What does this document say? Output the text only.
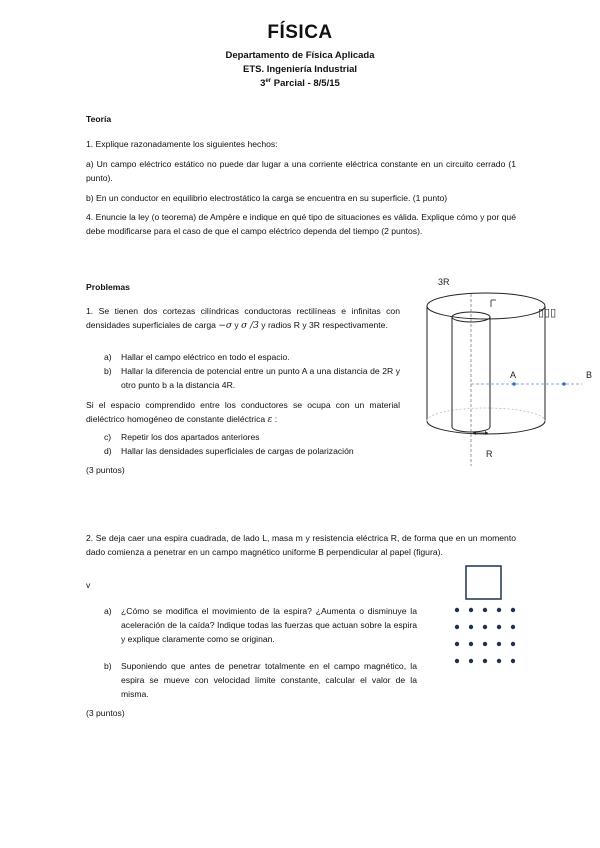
FÍSICA
Departamento de Física Aplicada
ETS. Ingeniería Industrial
3er Parcial - 8/5/15
Teoría
1. Explique razonadamente los siguientes hechos:
a) Un campo eléctrico estático no puede dar lugar a una corriente eléctrica constante en un circuito cerrado (1 punto).
b) En un conductor en equilibrio electrostático la carga se encuentra en su superficie. (1 punto)
4. Enuncie la ley (o teorema) de Ampère e indique en qué tipo de situaciones es válida. Explique cómo y por qué debe modificarse para el caso de que el campo eléctrico dependa del tiempo (2 puntos).
Problemas
1. Se tienen dos cortezas cilíndricas conductoras rectilíneas e infinitas con densidades superficiales de carga −σ y σ /3 y radios R y 3R respectivamente.
a) Hallar el campo eléctrico en todo el espacio.
b) Hallar la diferencia de potencial entre un punto A a una distancia de 2R y otro punto b a la distancia 4R.
Si el espacio comprendido entre los conductores se ocupa con un material dieléctrico homogéneo de constante dieléctrica ε :
c) Repetir los dos apartados anteriores
d) Hallar las densidades superficiales de cargas de polarización
(3 puntos)
3R
▯▯▯
A	B
R
2. Se deja caer una espira cuadrada, de lado L, masa m y resistencia eléctrica R, de forma que en un momento dado comienza a penetrar en un campo magnético uniforme B perpendicular al papel (figura).
v
a) ¿Cómo se modifica el movimiento de la espira? ¿Aumenta o disminuye la aceleración de la caída? Indique todas las fuerzas que actuan sobre la espira y explique claramente como se originan.
b) Suponiendo que antes de penetrar totalmente en el campo magnético, la espira se mueve con velocidad límite constante, calcular el valor de la misma.
(3 puntos)
